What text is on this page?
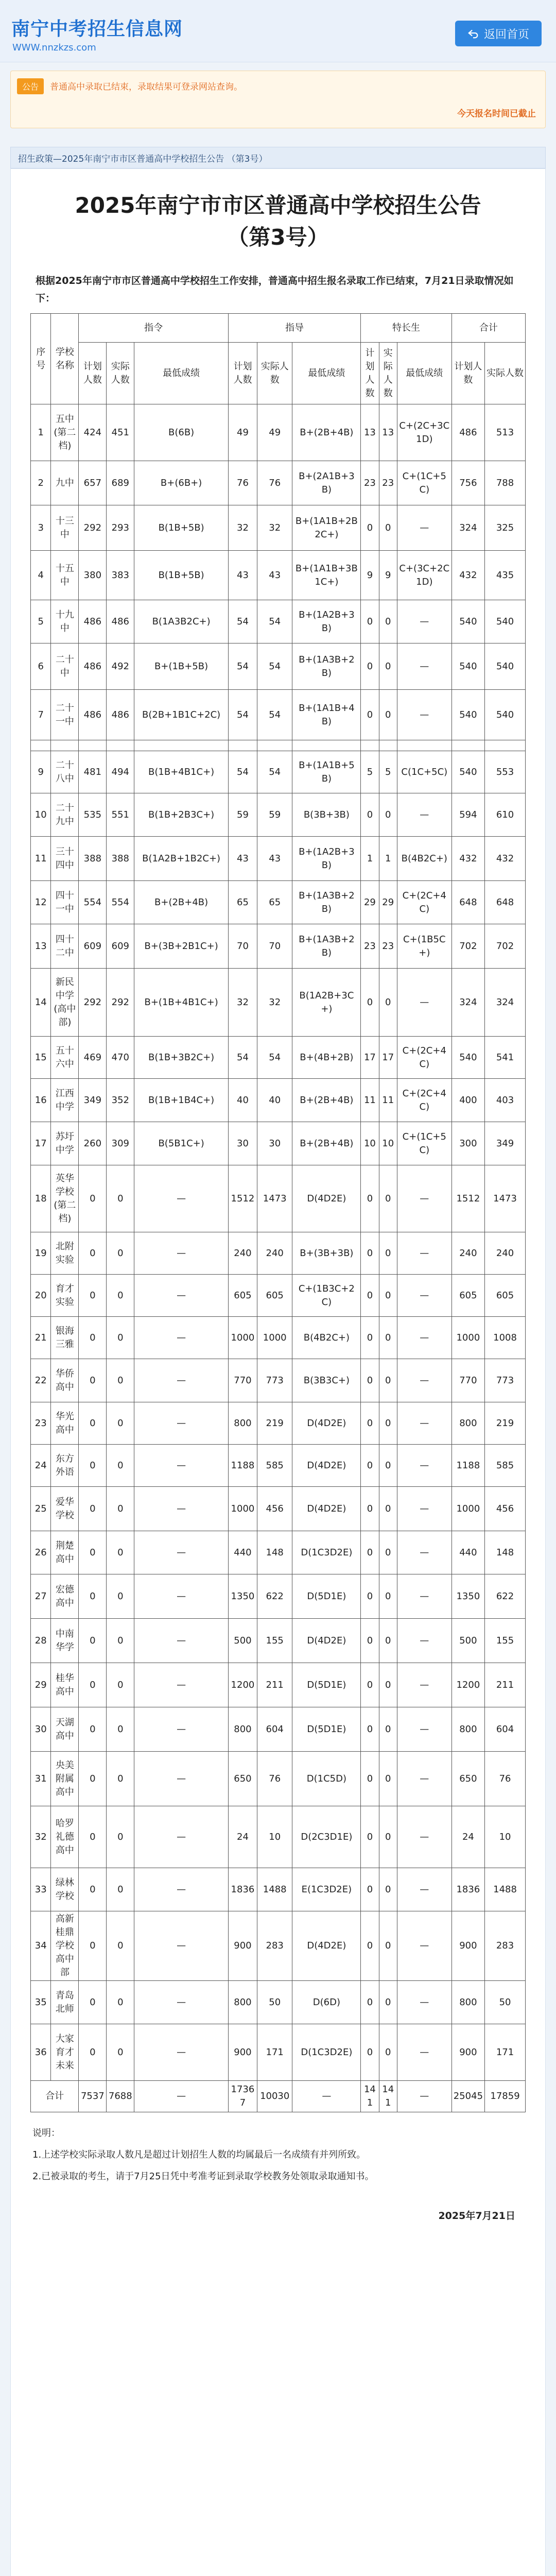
南宁中考招生信息网
WWW.nnzkzs.com
返回首页
公告	普通高中录取已结束，录取结果可登录网站查询。
今天报名时间已截止
招生政策—2025年南宁市市区普通高中学校招生公告 （第3号）
2025年南宁市市区普通高中学校招生公告
（第3号）

根据2025年南宁市市区普通高中学校招生工作安排，普通高中招生报名录取工作已结束，7月21日录取情况如下：

序号	学校名称	指令			指导			特长生			合计	
		计划人数	实际人数	最低成绩	计划人数	实际人数	最低成绩	计划人数	实际人数	最低成绩	计划人数	实际人数
1	五中(第二档)	424	451	B(6B)	49	49	B+(2B+4B)	13	13	C+(2C+3C1D)	486	513
2	九中	657	689	B+(6B+)	76	76	B+(2A1B+3B)	23	23	C+(1C+5C)	756	788
3	十三中	292	293	B(1B+5B)	32	32	B+(1A1B+2B2C+)	0	0	—	324	325
4	十五中	380	383	B(1B+5B)	43	43	B+(1A1B+3B1C+)	9	9	C+(3C+2C1D)	432	435
5	十九中	486	486	B(1A3B2C+)	54	54	B+(1A2B+3B)	0	0	—	540	540
6	二十中	486	492	B+(1B+5B)	54	54	B+(1A3B+2B)	0	0	—	540	540
7	二十一中	486	486	B(2B+1B1C+2C)	54	54	B+(1A1B+4B)	0	0	—	540	540

9	二十八中	481	494	B(1B+4B1C+)	54	54	B+(1A1B+5B)	5	5	C(1C+5C)	540	553
10	二十九中	535	551	B(1B+2B3C+)	59	59	B(3B+3B)	0	0	—	594	610
11	三十四中	388	388	B(1A2B+1B2C+)	43	43	B+(1A2B+3B)	1	1	B(4B2C+)	432	432
12	四十一中	554	554	B+(2B+4B)	65	65	B+(1A3B+2B)	29	29	C+(2C+4C)	648	648
13	四十二中	609	609	B+(3B+2B1C+)	70	70	B+(1A3B+2B)	23	23	C+(1B5C+)	702	702
14	新民中学(高中部)	292	292	B+(1B+4B1C+)	32	32	B(1A2B+3C+)	0	0	—	324	324
15	五十六中	469	470	B(1B+3B2C+)	54	54	B+(4B+2B)	17	17	C+(2C+4C)	540	541
16	江西中学	349	352	B(1B+1B4C+)	40	40	B+(2B+4B)	11	11	C+(2C+4C)	400	403
17	苏圩中学	260	309	B(5B1C+)	30	30	B+(2B+4B)	10	10	C+(1C+5C)	300	349
18	英华学校(第二档)	0	0	—	1512	1473	D(4D2E)	0	0	—	1512	1473
19	北附实验	0	0	—	240	240	B+(3B+3B)	0	0	—	240	240
20	育才实验	0	0	—	605	605	C+(1B3C+2C)	0	0	—	605	605
21	银海三雅	0	0	—	1000	1000	B(4B2C+)	0	0	—	1000	1008
22	华侨高中	0	0	—	770	773	B(3B3C+)	0	0	—	770	773
23	华光高中	0	0	—	800	219	D(4D2E)	0	0	—	800	219
24	东方外语	0	0	—	1188	585	D(4D2E)	0	0	—	1188	585
25	爱华学校	0	0	—	1000	456	D(4D2E)	0	0	—	1000	456
26	荆楚高中	0	0	—	440	148	D(1C3D2E)	0	0	—	440	148
27	宏德高中	0	0	—	1350	622	D(5D1E)	0	0	—	1350	622
28	中南华学	0	0	—	500	155	D(4D2E)	0	0	—	500	155
29	桂华高中	0	0	—	1200	211	D(5D1E)	0	0	—	1200	211
30	天湖高中	0	0	—	800	604	D(5D1E)	0	0	—	800	604
31	央美附属高中	0	0	—	650	76	D(1C5D)	0	0	—	650	76
32	哈罗礼德高中	0	0	—	24	10	D(2C3D1E)	0	0	—	24	10
33	绿林学校	0	0	—	1836	1488	E(1C3D2E)	0	0	—	1836	1488
34	高新桂鼎学校高中部	0	0	—	900	283	D(4D2E)	0	0	—	900	283
35	青岛北师	0	0	—	800	50	D(6D)	0	0	—	800	50
36	大家育才未来	0	0	—	900	171	D(1C3D2E)	0	0	—	900	171
合计		7537	7688	—	17367	10030	—	141	141	—	25045	17859
说明：
1.上述学校实际录取人数凡是超过计划招生人数的均属最后一名成绩有并列所致。
2.已被录取的考生，请于7月25日凭中考准考证到录取学校教务处领取录取通知书。
2025年7月21日
